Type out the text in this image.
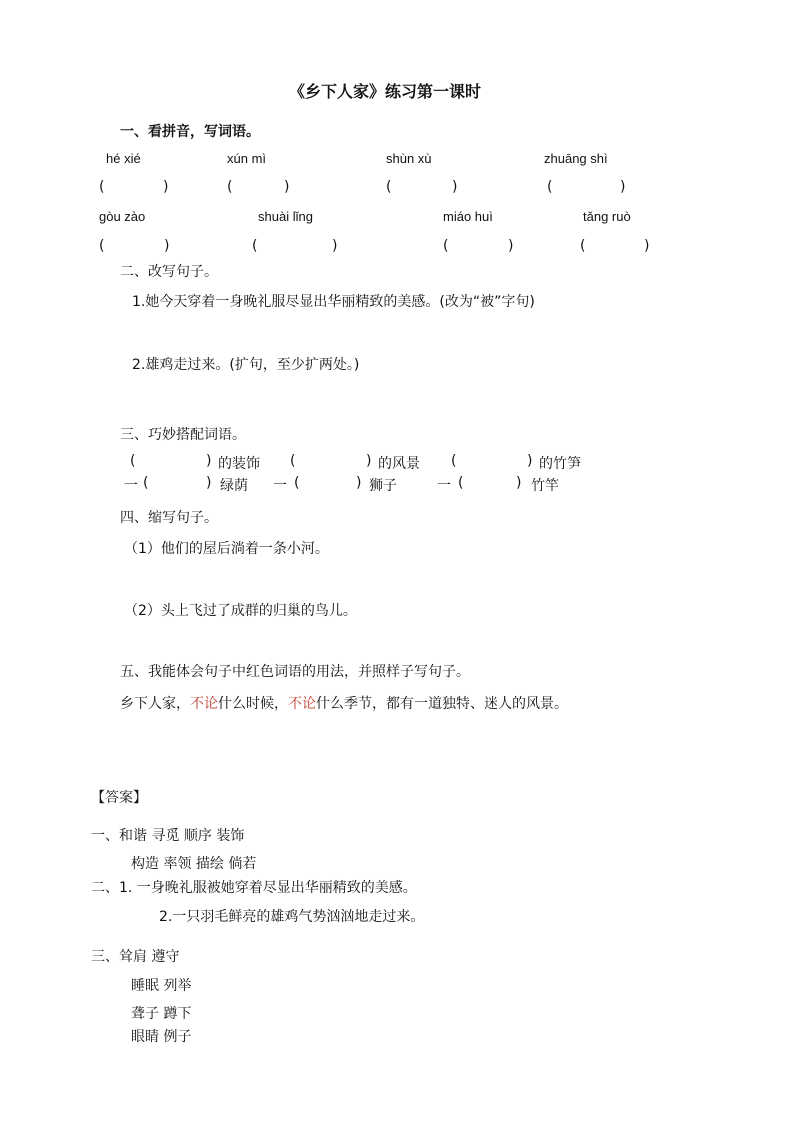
《乡下人家》练习第一课时
一、看拼音，写词语。
hé xié	xún mì	shùn xù	zhuāng shì
(	)	(	)	(	)	(	)
gòu zào	shuài lǐng	miáo huì	tǎng ruò
(	)	(	)	(	)	(	)
二、改写句子。
1.她今天穿着一身晚礼服尽显出华丽精致的美感。(改为“被”字句)
2.雄鸡走过来。(扩句，至少扩两处。)
三、巧妙搭配词语。
(	) 的装饰 (	) 的风景 (	) 的竹笋
一 (	) 绿荫 一 (	) 狮子	一 (	) 竹竿
四、缩写句子。
（1）他们的屋后淌着一条小河。
（2）头上飞过了成群的归巢的鸟儿。
五、我能体会句子中红色词语的用法，并照样子写句子。
乡下人家，不论什么时候，不论什么季节，都有一道独特、迷人的风景。
【答案】
一、和谐 寻觅 顺序 装饰
构造 率领 描绘 倘若
二、1. 一身晚礼服被她穿着尽显出华丽精致的美感。
2.一只羽毛鲜亮的雄鸡气势汹汹地走过来。
三、耸肩 遵守
睡眠 列举
聋子 蹲下
眼睛 例子
